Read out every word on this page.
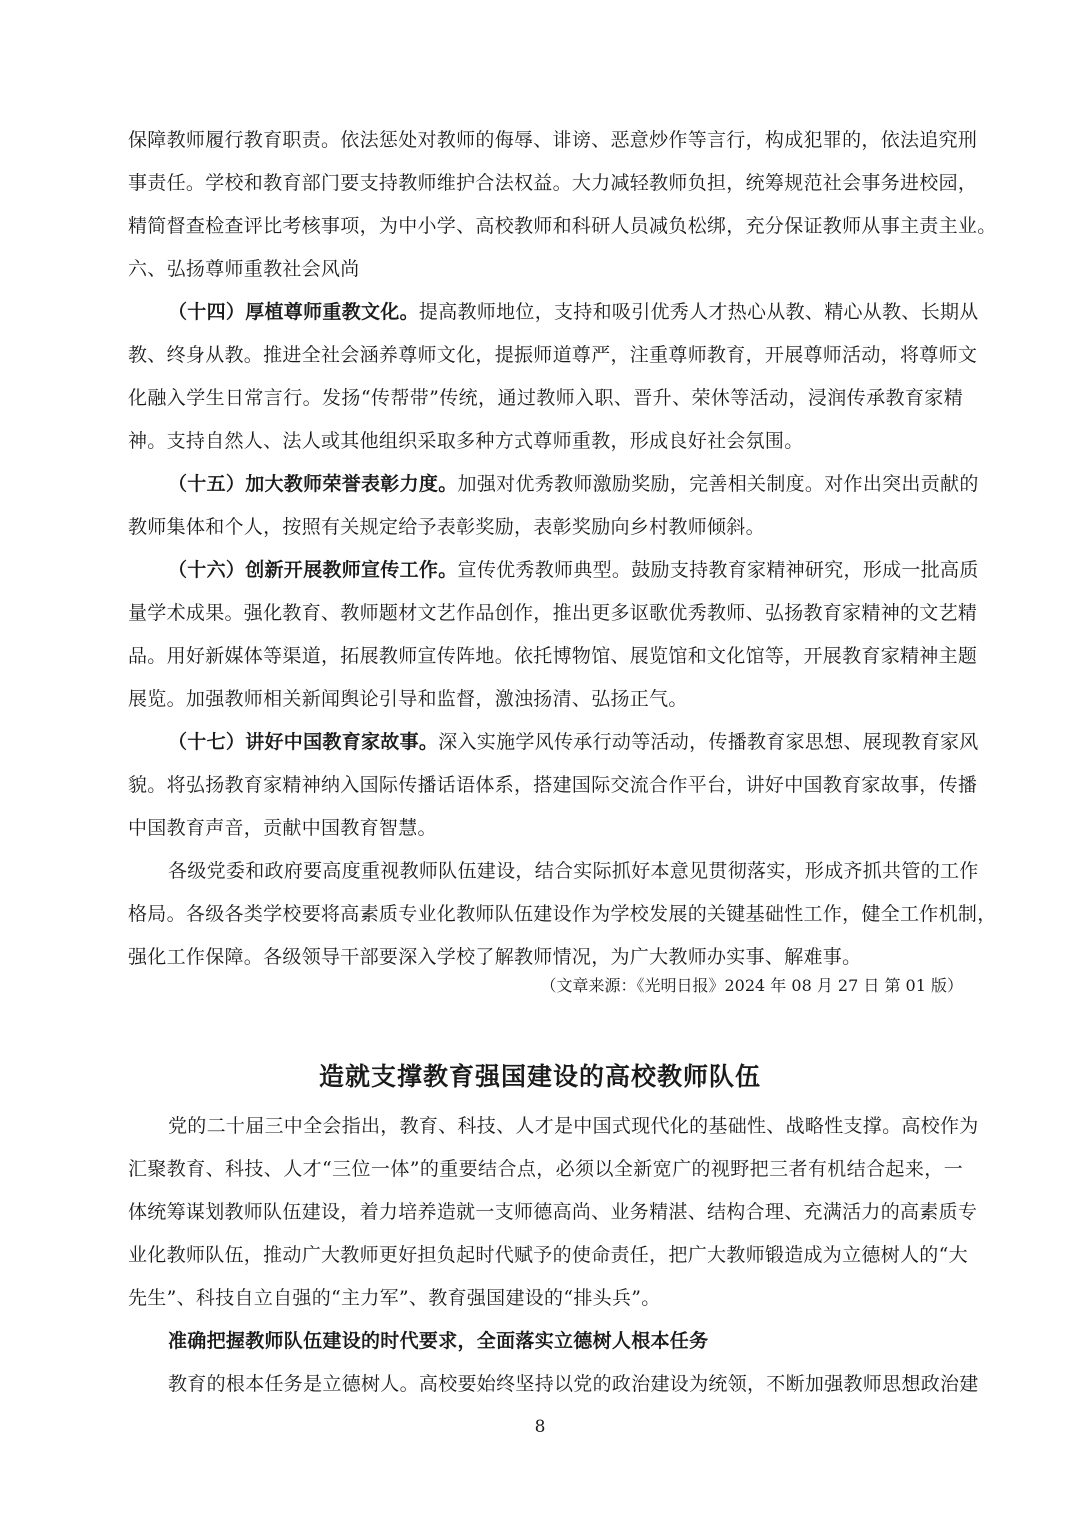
保障教师履行教育职责。依法惩处对教师的侮辱、诽谤、恶意炒作等言行，构成犯罪的，依法追究刑
事责任。学校和教育部门要支持教师维护合法权益。大力减轻教师负担，统筹规范社会事务进校园，
精简督查检查评比考核事项，为中小学、高校教师和科研人员减负松绑，充分保证教师从事主责主业。
六、弘扬尊师重教社会风尚
（十四）厚植尊师重教文化。提高教师地位，支持和吸引优秀人才热心从教、精心从教、长期从
教、终身从教。推进全社会涵养尊师文化，提振师道尊严，注重尊师教育，开展尊师活动，将尊师文
化融入学生日常言行。发扬“传帮带”传统，通过教师入职、晋升、荣休等活动，浸润传承教育家精
神。支持自然人、法人或其他组织采取多种方式尊师重教，形成良好社会氛围。
（十五）加大教师荣誉表彰力度。加强对优秀教师激励奖励，完善相关制度。对作出突出贡献的
教师集体和个人，按照有关规定给予表彰奖励，表彰奖励向乡村教师倾斜。
（十六）创新开展教师宣传工作。宣传优秀教师典型。鼓励支持教育家精神研究，形成一批高质
量学术成果。强化教育、教师题材文艺作品创作，推出更多讴歌优秀教师、弘扬教育家精神的文艺精
品。用好新媒体等渠道，拓展教师宣传阵地。依托博物馆、展览馆和文化馆等，开展教育家精神主题
展览。加强教师相关新闻舆论引导和监督，激浊扬清、弘扬正气。
（十七）讲好中国教育家故事。深入实施学风传承行动等活动，传播教育家思想、展现教育家风
貌。将弘扬教育家精神纳入国际传播话语体系，搭建国际交流合作平台，讲好中国教育家故事，传播
中国教育声音，贡献中国教育智慧。
各级党委和政府要高度重视教师队伍建设，结合实际抓好本意见贯彻落实，形成齐抓共管的工作
格局。各级各类学校要将高素质专业化教师队伍建设作为学校发展的关键基础性工作，健全工作机制，
强化工作保障。各级领导干部要深入学校了解教师情况，为广大教师办实事、解难事。
（文章来源：《光明日报》2024 年 08 月 27 日 第 01 版）
造就支撑教育强国建设的高校教师队伍
党的二十届三中全会指出，教育、科技、人才是中国式现代化的基础性、战略性支撑。高校作为
汇聚教育、科技、人才“三位一体”的重要结合点，必须以全新宽广的视野把三者有机结合起来，一
体统筹谋划教师队伍建设，着力培养造就一支师德高尚、业务精湛、结构合理、充满活力的高素质专
业化教师队伍，推动广大教师更好担负起时代赋予的使命责任，把广大教师锻造成为立德树人的“大
先生”、科技自立自强的“主力军”、教育强国建设的“排头兵”。
准确把握教师队伍建设的时代要求，全面落实立德树人根本任务
教育的根本任务是立德树人。高校要始终坚持以党的政治建设为统领，不断加强教师思想政治建
8
